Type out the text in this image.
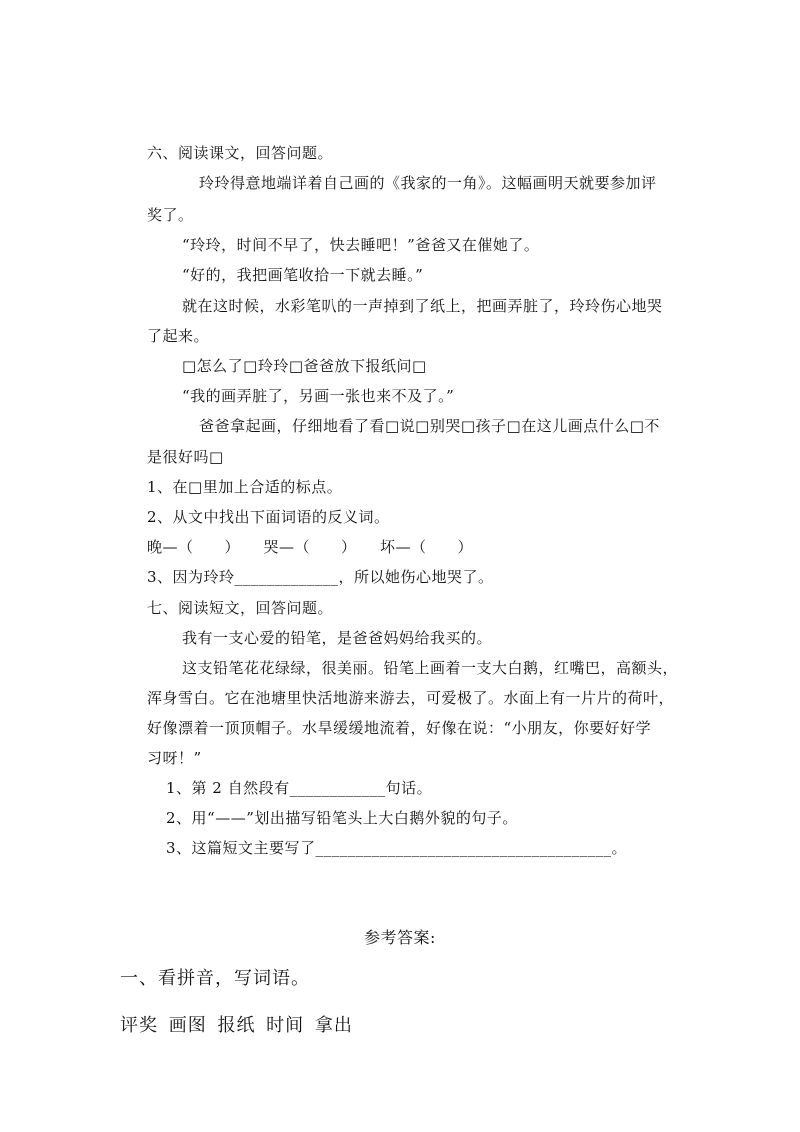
六、阅读课文，回答问题。
玲玲得意地端详着自己画的《我家的一角》。这幅画明天就要参加评
奖了。
“玲玲，时间不早了，快去睡吧！”爸爸又在催她了。
“好的，我把画笔收拾一下就去睡。”
就在这时候，水彩笔叭的一声掉到了纸上，把画弄脏了，玲玲伤心地哭
了起来。
□怎么了□玲玲□爸爸放下报纸问□
“我的画弄脏了，另画一张也来不及了。”
爸爸拿起画，仔细地看了看□说□别哭□孩子□在这儿画点什么□不
是很好吗□
1、在□里加上合适的标点。
2、从文中找出下面词语的反义词。
晚—（　　）　　哭—（　　）　　坏—（　　）
3、因为玲玲_____________，所以她伤心地哭了。
七、阅读短文，回答问题。
我有一支心爱的铅笔，是爸爸妈妈给我买的。
这支铅笔花花绿绿，很美丽。铅笔上画着一支大白鹅，红嘴巴，高额头，
浑身雪白。它在池塘里快活地游来游去，可爱极了。水面上有一片片的荷叶，
好像漂着一顶顶帽子。水旱缓缓地流着，好像在说：“小朋友，你要好好学
习呀！”
1、第 2 自然段有____________句话。
2、用“——”划出描写铅笔头上大白鹅外貌的句子。
3、这篇短文主要写了_____________________________________。
参考答案:
一、看拼音，写词语。
评奖 画图 报纸 时间 拿出
